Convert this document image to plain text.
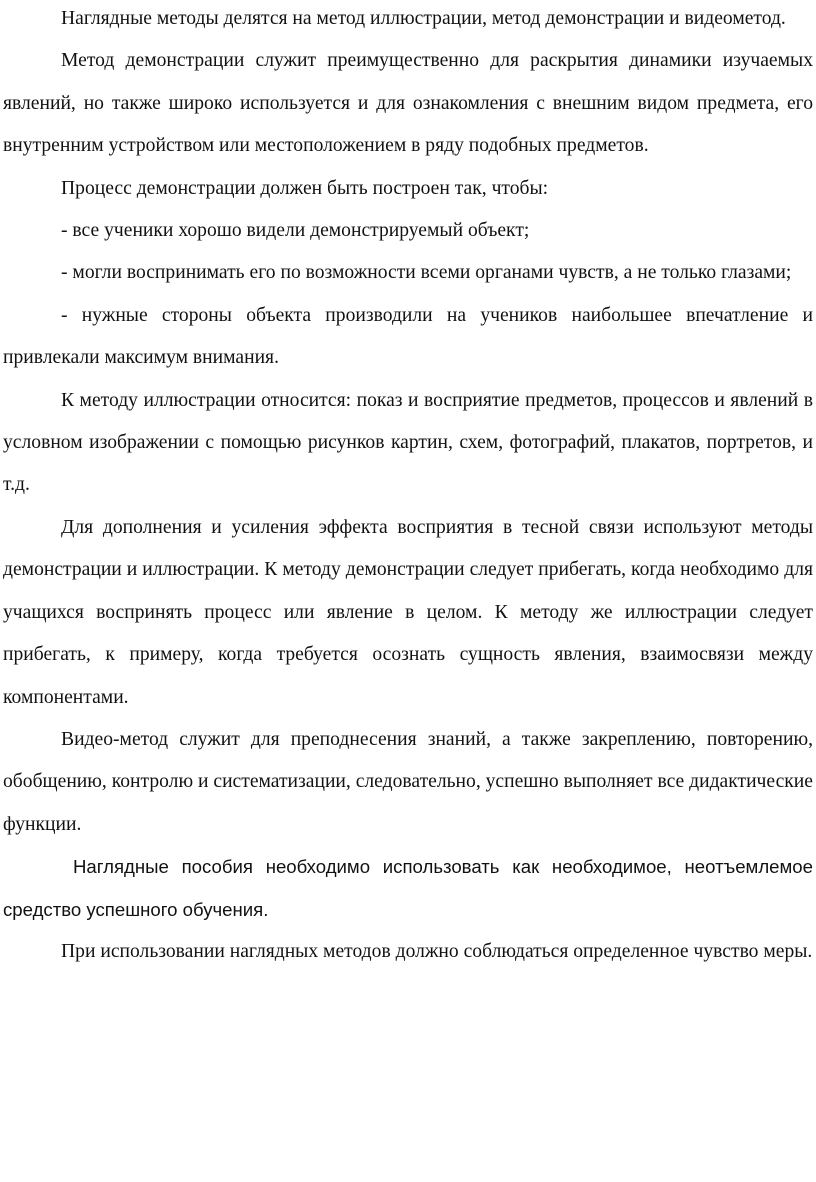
Наглядные методы делятся на метод иллюстрации, метод демонстрации и видеометод.

Метод демонстрации служит преимущественно для раскрытия динамики изучаемых явлений, но также широко используется и для ознакомления с внешним видом предмета, его внутренним устройством или местоположением в ряду подобных предметов.

Процесс демонстрации должен быть построен так, чтобы:

- все ученики хорошо видели демонстрируемый объект;

- могли воспринимать его по возможности всеми органами чувств, а не только глазами;

- нужные стороны объекта производили на учеников наибольшее впечатление и привлекали максимум внимания.

К методу иллюстрации относится: показ и восприятие предметов, процессов и явлений в условном изображении с помощью рисунков картин, схем, фотографий, плакатов, портретов, и т.д.

Для дополнения и усиления эффекта восприятия в тесной связи используют методы демонстрации и иллюстрации. К методу демонстрации следует прибегать, когда необходимо для учащихся воспринять процесс или явление в целом. К методу же иллюстрации следует прибегать, к примеру, когда требуется осознать сущность явления, взаимосвязи между компонентами.

Видео-метод служит для преподнесения знаний, а также закреплению, повторению, обобщению, контролю и систематизации, следовательно, успешно выполняет все дидактические функции.

Наглядные пособия необходимо использовать как необходимое, неотъемлемое средство успешного обучения.

При использовании наглядных методов должно соблюдаться определенное чувство меры.
